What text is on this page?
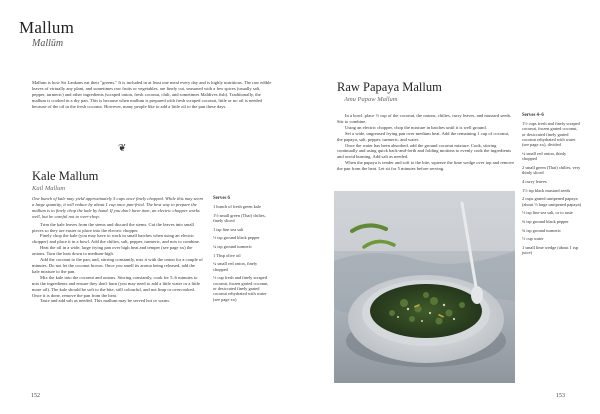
Mallum
Mallūm

Mallum is how Sri Lankans eat their "greens." It is included in at least one meal every day and is highly nutritious. The raw edible leaves of virtually any plant, and sometimes raw fruits or vegetables, are finely cut, seasoned with a few spices (usually salt, pepper, turmeric) and other ingredients (scraped onion, fresh coconut, chili, and sometimes Maldives fish). Traditionally, the mallum is cooked in a dry pan. This is because when mallum is prepared with fresh scraped coconut, little or no oil is needed because of the oil in the fresh coconut. However, many people like to add a little oil to the pan these days.

❦
Kale Mallum
Kail Mallum

One bunch of kale may yield approximately 5 cups once finely chopped. While this may seem a large quantity, it will reduce by about 1 cup once pan-fried. The best way to prepare the mallum is to finely chop the kale by hand. If you don't have time, an electric chopper works well, but be careful not to over-chop.

Trim the kale leaves from the stems and discard the stems. Cut the leaves into small pieces so they are easier to place into the electric chopper.

Finely chop the kale (you may have to work in small batches when using an electric chopper) and place it in a bowl. Add the chilies, salt, pepper, turmeric, and mix to combine.

Heat the oil in a wide, large frying pan over high heat and temper (see page xx) the onions. Turn the heat down to medium-high.

Add the coconut to the pan, and, stirring constantly, mix it with the onion for a couple of minutes. Do not let the coconut brown. Once you smell its aroma being released, add the kale mixture to the pan.

Mix the kale into the coconut and onions. Stirring constantly, cook for 5–6 minutes to mix the ingredients and ensure they don't burn (you may need to add a little water or a little more oil). The kale should be soft to the bite, still colourful, and not limp or overcooked. Once it is done, remove the pan from the heat.

Taste and add salt as needed. This mallum may be served hot or warm.

Serves 6
1 bunch of fresh green kale
1½ small green (Thai) chilies, finely sliced
1 tsp fine sea salt
½ tsp ground black pepper
¼ tsp ground turmeric
1 Tbsp olive oil
¼ small red onion, finely chopped
½ cup fresh and finely scraped coconut, frozen grated coconut, or desiccated finely grated coconut rehydrated with water (see page xx)
152
Raw Papaya Mallum
Amu Papaw Mallum

In a bowl, place ½ cup of the coconut, the onions, chilies, curry leaves, and mustard seeds. Stir to combine.

Using an electric chopper, chop the mixture in batches until it is well ground.

Set a wide, ungreased frying pan over medium heat. Add the remaining 1 cup of coconut, the papaya, salt, pepper, turmeric, and water.

Once the water has been absorbed, add the ground coconut mixture. Cook, stirring continually and using quick back-and-forth and folding motions to evenly cook the ingredients and avoid burning. Add salt as needed.

When the papaya is tender and soft to the bite, squeeze the lime wedge over top and remove the pan from the heat. Let sit for 5 minutes before serving.

Serves 4–6
1½ cups fresh and finely scraped coconut, frozen grated coconut, or desiccated finely grated coconut rehydrated with water (see page xx), divided
¼ small red onion, thinly chopped
2 small green (Thai) chilies, very thinly sliced
4 curry leaves
1½ tsp black mustard seeds
2 cups grated unripened papaya (about ½ large unripened papaya)
½ tsp fine sea salt, or to taste
¾ tsp ground black pepper
¾ tsp ground turmeric
½ cup water
1 small lime wedge (about 1 tsp juice)
153
